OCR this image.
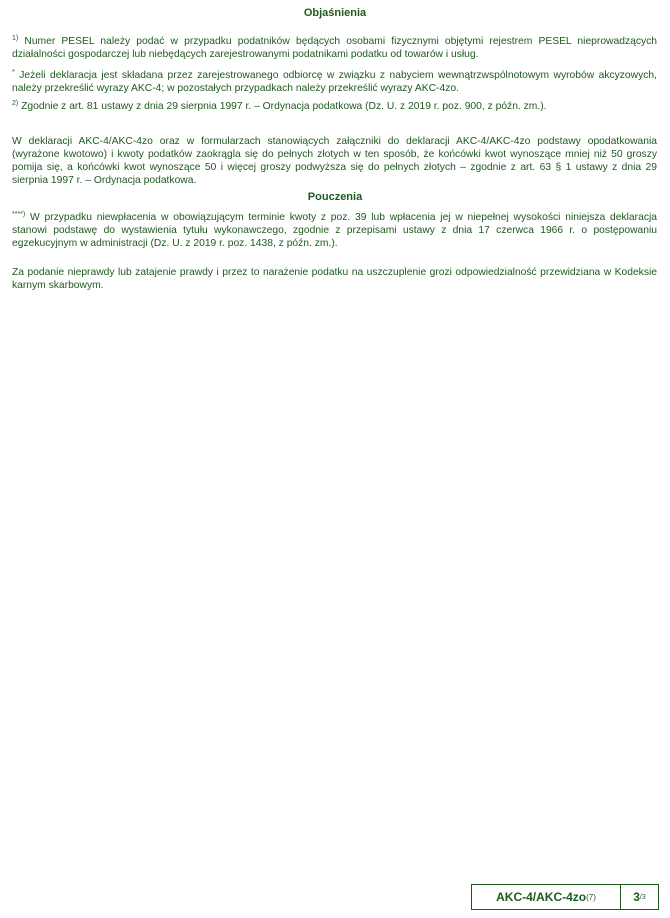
Objaśnienia
$^{1)}$ Numer PESEL należy podać w przypadku podatników będących osobami fizycznymi objętymi rejestrem PESEL nieprowadzących działalności gospodarczej lub niebędących zarejestrowanymi podatnikami podatku od towarów i usług.
* Jeżeli deklaracja jest składana przez zarejestrowanego odbiorcę w związku z nabyciem wewnątrzwspólnotowym wyrobów akcyzowych, należy przekreślić wyrazy AKC-4; w pozostałych przypadkach należy przekreślić wyrazy AKC-4zo.
$^{2)}$ Zgodnie z art. 81 ustawy z dnia 29 sierpnia 1997 r. – Ordynacja podatkowa (Dz. U. z 2019 r. poz. 900, z późn. zm.).
W deklaracji AKC-4/AKC-4zo oraz w formularzach stanowiących załączniki do deklaracji AKC-4/AKC-4zo podstawy opodatkowania (wyrażone kwotowo) i kwoty podatków zaokrągla się do pełnych złotych w ten sposób, że końcówki kwot wynoszące mniej niż 50 groszy pomija się, a końcówki kwot wynoszące 50 i więcej groszy podwyższa się do pełnych złotych – zgodnie z art. 63 § 1 ustawy z dnia 29 sierpnia 1997 r. – Ordynacja podatkowa.
Pouczenia
****) W przypadku niewpłacenia w obowiązującym terminie kwoty z poz. 39 lub wpłacenia jej w niepełnej wysokości niniejsza deklaracja stanowi podstawę do wystawienia tytułu wykonawczego, zgodnie z przepisami ustawy z dnia 17 czerwca 1966 r. o postępowaniu egzekucyjnym w administracji (Dz. U. z 2019 r. poz. 1438, z późn. zm.).
Za podanie nieprawdy lub zatajenie prawdy i przez to narażenie podatku na uszczuplenie grozi odpowiedzialność przewidziana w Kodeksie karnym skarbowym.
AKC-4/AKC-4zo (7)	3 /3
